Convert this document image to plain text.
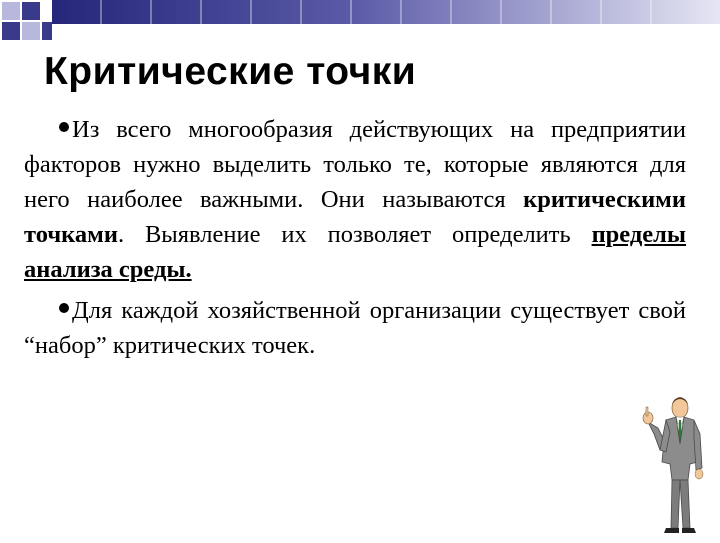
Критические точки

Из всего многообразия действующих на предприятии факторов нужно выделить только те, которые являются для него наиболее важными. Они называются критическими точками. Выявление их позволяет определить пределы анализа среды.

Для каждой хозяйственной организации существует свой “набор” критических точек.
